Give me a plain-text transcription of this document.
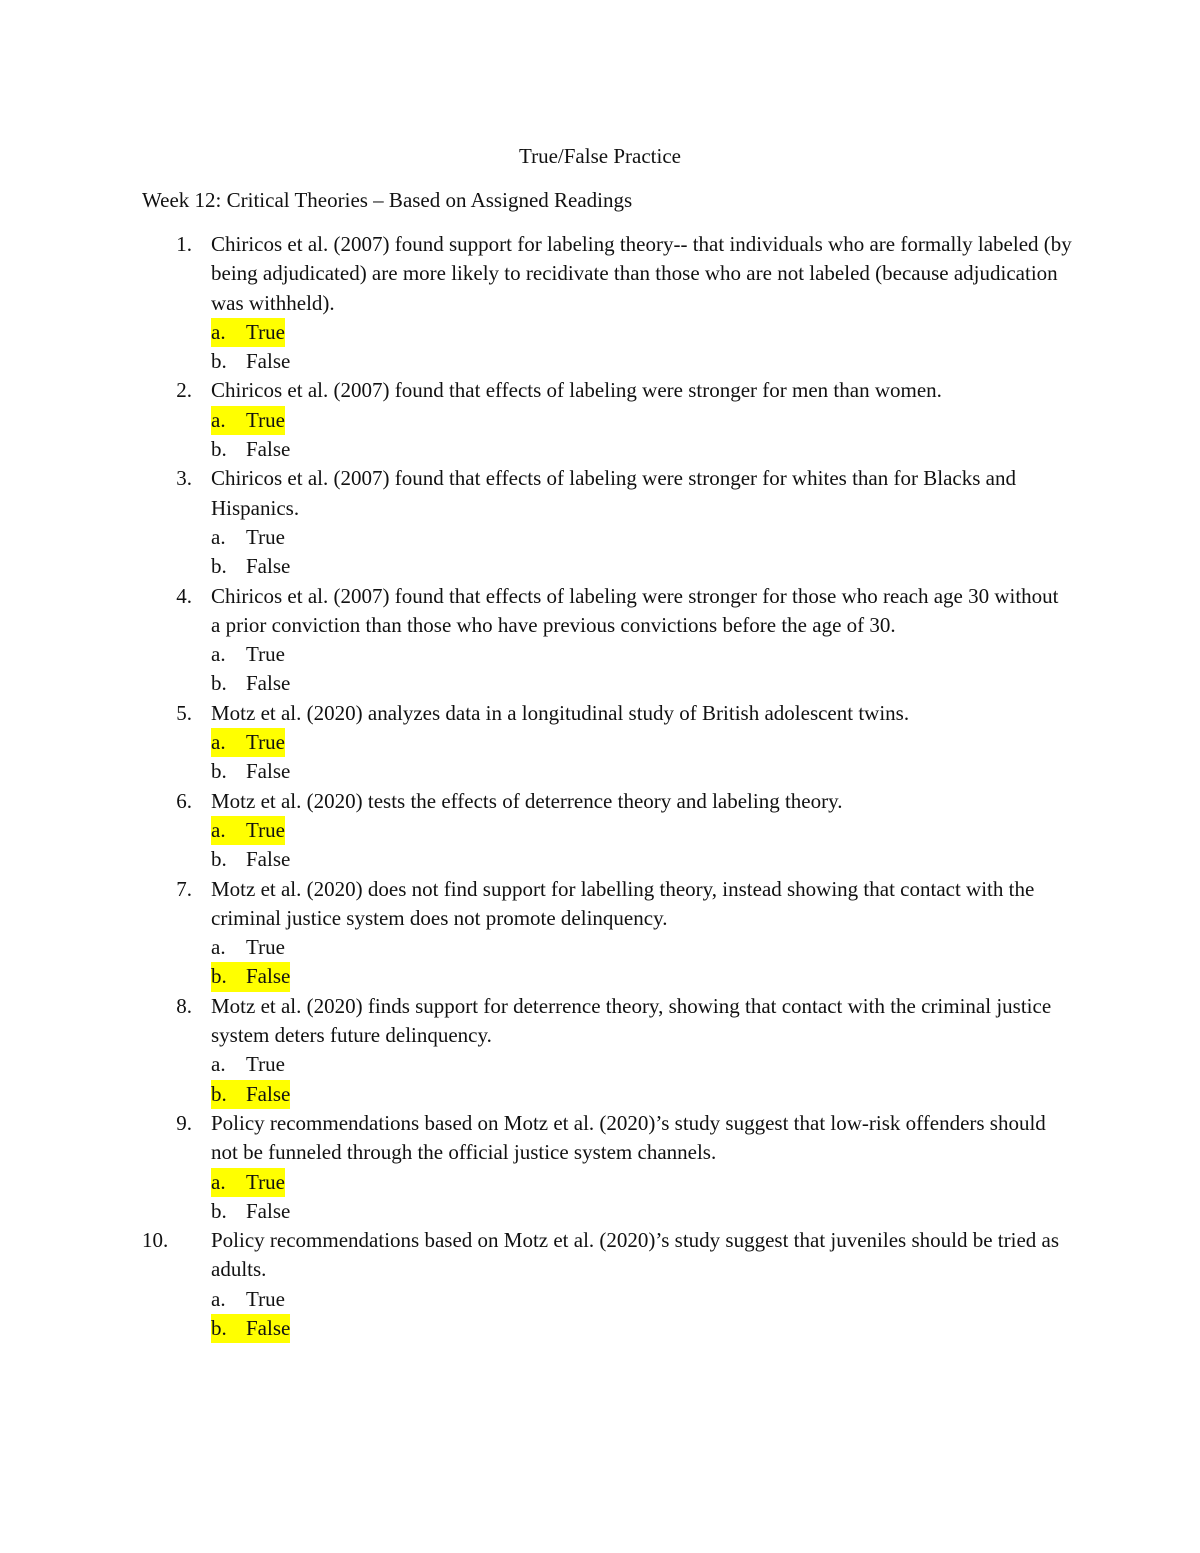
True/False Practice
Week 12: Critical Theories – Based on Assigned Readings
1. Chiricos et al. (2007) found support for labeling theory-- that individuals who are formally labeled (by being adjudicated) are more likely to recidivate than those who are not labeled (because adjudication was withheld).
a. True
b. False
2. Chiricos et al. (2007) found that effects of labeling were stronger for men than women.
a. True
b. False
3. Chiricos et al. (2007) found that effects of labeling were stronger for whites than for Blacks and Hispanics.
a. True
b. False
4. Chiricos et al. (2007) found that effects of labeling were stronger for those who reach age 30 without a prior conviction than those who have previous convictions before the age of 30.
a. True
b. False
5. Motz et al. (2020) analyzes data in a longitudinal study of British adolescent twins.
a. True
b. False
6. Motz et al. (2020) tests the effects of deterrence theory and labeling theory.
a. True
b. False
7. Motz et al. (2020) does not find support for labelling theory, instead showing that contact with the criminal justice system does not promote delinquency.
a. True
b. False
8. Motz et al. (2020) finds support for deterrence theory, showing that contact with the criminal justice system deters future delinquency.
a. True
b. False
9. Policy recommendations based on Motz et al. (2020)’s study suggest that low-risk offenders should not be funneled through the official justice system channels.
a. True
b. False
10.	Policy recommendations based on Motz et al. (2020)’s study suggest that juveniles should be tried as adults.
a. True
b. False
